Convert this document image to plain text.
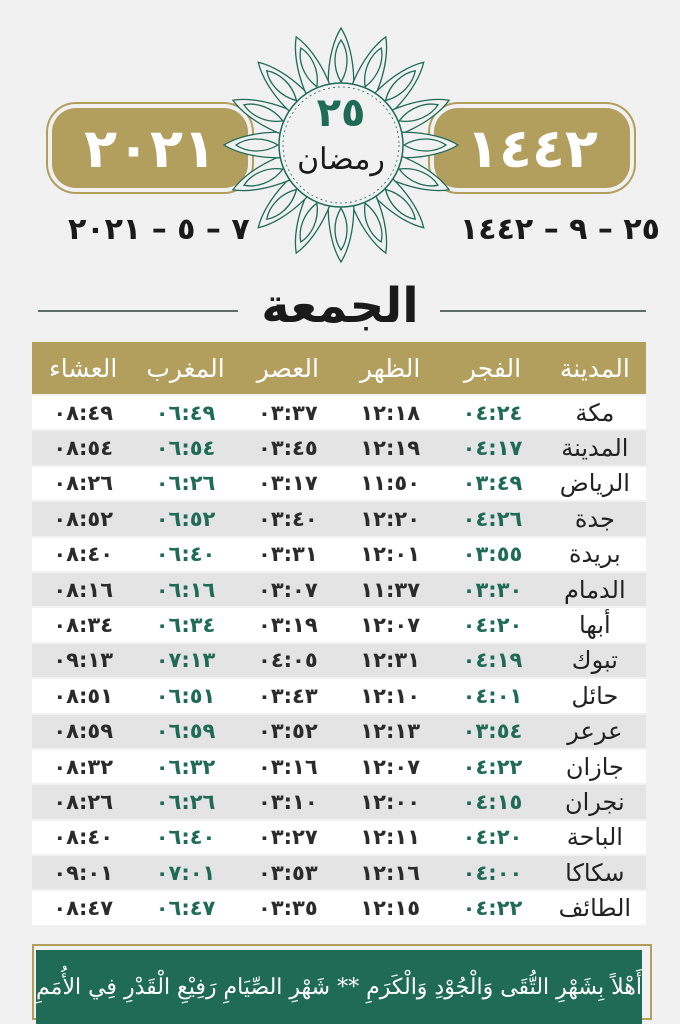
٢٠٢١	١٤٤٢
٢٥
رمضان
٧ – ٥ – ٢٠٢١	٢٥ – ٩ – ١٤٤٢
الجمعة
المدينة	الفجر	الظهر	العصر	المغرب	العشاء
مكة	٠٤:٢٤	١٢:١٨	٠٣:٣٧	٠٦:٤٩	٠٨:٤٩
المدينة	٠٤:١٧	١٢:١٩	٠٣:٤٥	٠٦:٥٤	٠٨:٥٤
الرياض	٠٣:٤٩	١١:٥٠	٠٣:١٧	٠٦:٢٦	٠٨:٢٦
جدة	٠٤:٢٦	١٢:٢٠	٠٣:٤٠	٠٦:٥٢	٠٨:٥٢
بريدة	٠٣:٥٥	١٢:٠١	٠٣:٣١	٠٦:٤٠	٠٨:٤٠
الدمام	٠٣:٣٠	١١:٣٧	٠٣:٠٧	٠٦:١٦	٠٨:١٦
أبها	٠٤:٢٠	١٢:٠٧	٠٣:١٩	٠٦:٣٤	٠٨:٣٤
تبوك	٠٤:١٩	١٢:٣١	٠٤:٠٥	٠٧:١٣	٠٩:١٣
حائل	٠٤:٠١	١٢:١٠	٠٣:٤٣	٠٦:٥١	٠٨:٥١
عرعر	٠٣:٥٤	١٢:١٣	٠٣:٥٢	٠٦:٥٩	٠٨:٥٩
جازان	٠٤:٢٢	١٢:٠٧	٠٣:١٦	٠٦:٣٢	٠٨:٣٢
نجران	٠٤:١٥	١٢:٠٠	٠٣:١٠	٠٦:٢٦	٠٨:٢٦
الباحة	٠٤:٢٠	١٢:١١	٠٣:٢٧	٠٦:٤٠	٠٨:٤٠
سكاكا	٠٤:٠٠	١٢:١٦	٠٣:٥٣	٠٧:٠١	٠٩:٠١
الطائف	٠٤:٢٢	١٢:١٥	٠٣:٣٥	٠٦:٤٧	٠٨:٤٧
أَهْلاً بِشَهْرِ التُّقَى وَالْجُوْدِ وَالْكَرَمِ ** شَهْرِ الصِّيَامِ رَفِيْعِ الْقَدْرِ فِي الأُمَمِ
